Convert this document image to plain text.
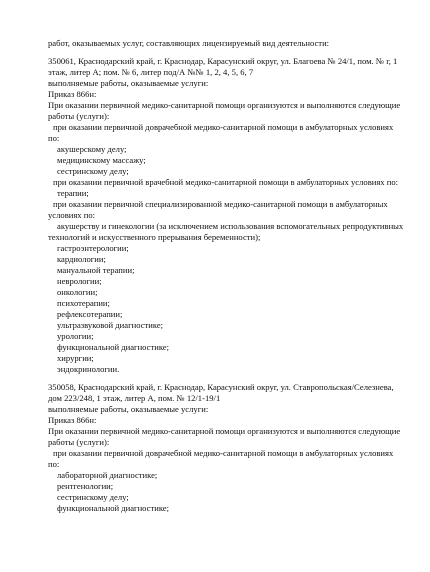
работ, оказываемых услуг, составляющих лицензируемый вид деятельности:
350061, Краснодарский край, г. Краснодар, Карасунский округ, ул. Благоева № 24/1, пом. № г, 1
этаж, литер А; пом. № 6, литер под/А №№ 1, 2, 4, 5, 6, 7
выполняемые работы, оказываемые услуги:
Приказ 866н:
При оказании первичной медико-санитарной помощи организуются и выполняются следующие
работы (услуги):
при оказании первичной доврачебной медико-санитарной помощи в амбулаторных условиях
по:
акушерскому делу;
медицинскому массажу;
сестринскому делу;
при оказании первичной врачебной медико-санитарной помощи в амбулаторных условиях по:
терапии;
при оказании первичной специализированной медико-санитарной помощи в амбулаторных
условиях по:
акушерству и гинекологии (за исключением использования вспомогательных репродуктивных
технологий и искусственного прерывания беременности);
гастроэнтерологии;
кардиологии;
мануальной терапии;
неврологии;
онкологии;
психотерапии;
рефлексотерапии;
ультразвуковой диагностике;
урологии;
функциональной диагностике;
хирургии;
эндокринологии.
350058, Краснодарский край, г. Краснодар, Карасунский округ, ул. Ставропольская/Селезнева,
дом 223/248, 1 этаж, литер А, пом. № 12/1-19/1
выполняемые работы, оказываемые услуги:
Приказ 866н:
При оказании первичной медико-санитарной помощи организуются и выполняются следующие
работы (услуги):
при оказании первичной доврачебной медико-санитарной помощи в амбулаторных условиях
по:
лабораторной диагностике;
рентгенологии;
сестринскому делу;
функциональной диагностике;
